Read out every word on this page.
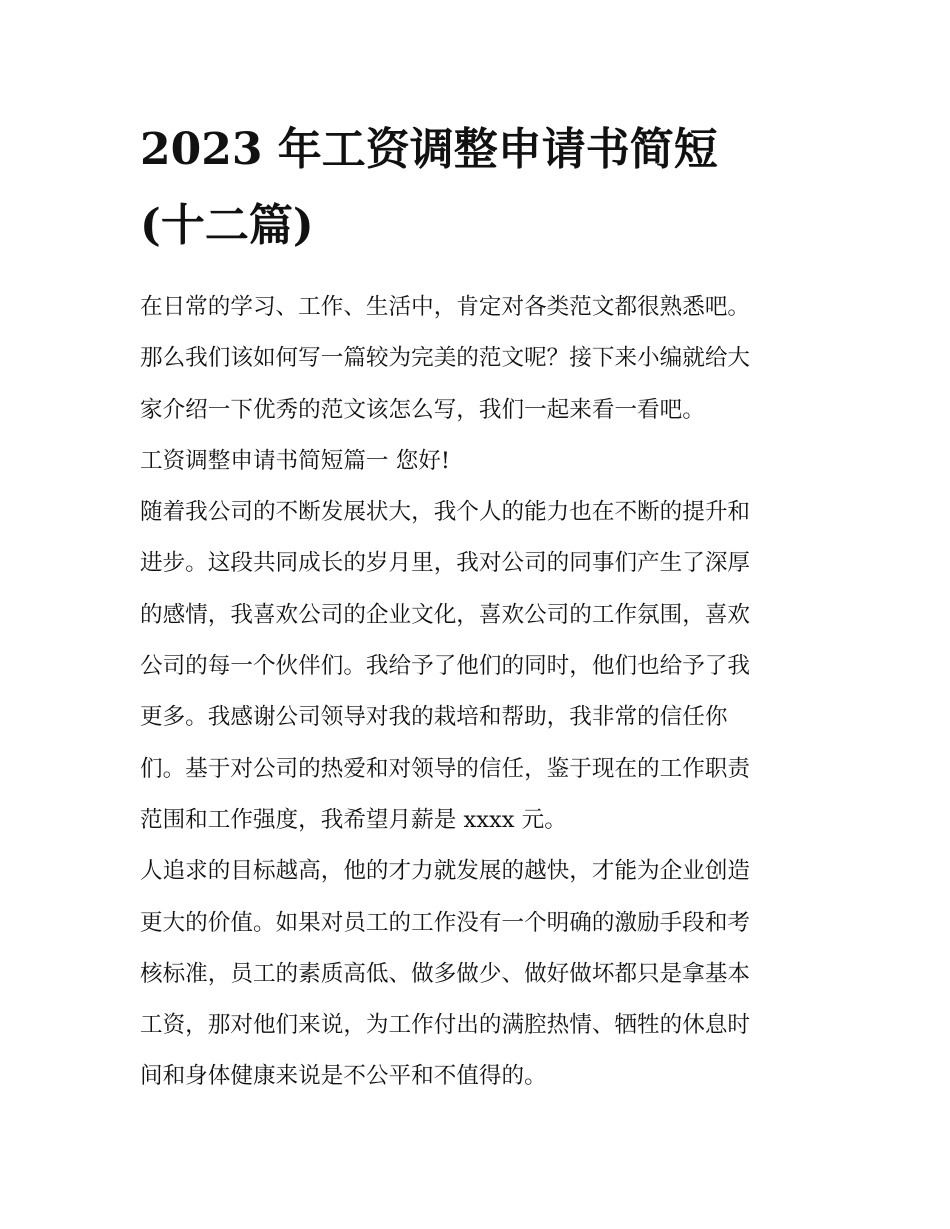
2023 年工资调整申请书简短
(十二篇)

在日常的学习、工作、生活中，肯定对各类范文都很熟悉吧。
那么我们该如何写一篇较为完美的范文呢？接下来小编就给大
家介绍一下优秀的范文该怎么写，我们一起来看一看吧。

工资调整申请书简短篇一 您好!

随着我公司的不断发展状大，我个人的能力也在不断的提升和
进步。这段共同成长的岁月里，我对公司的同事们产生了深厚
的感情，我喜欢公司的企业文化，喜欢公司的工作氛围，喜欢
公司的每一个伙伴们。我给予了他们的同时，他们也给予了我
更多。我感谢公司领导对我的栽培和帮助，我非常的信任你
们。基于对公司的热爱和对领导的信任，鉴于现在的工作职责
范围和工作强度，我希望月薪是 xxxx 元。

人追求的目标越高，他的才力就发展的越快，才能为企业创造
更大的价值。如果对员工的工作没有一个明确的激励手段和考
核标准，员工的素质高低、做多做少、做好做坏都只是拿基本
工资，那对他们来说，为工作付出的满腔热情、牺牲的休息时
间和身体健康来说是不公平和不值得的。
